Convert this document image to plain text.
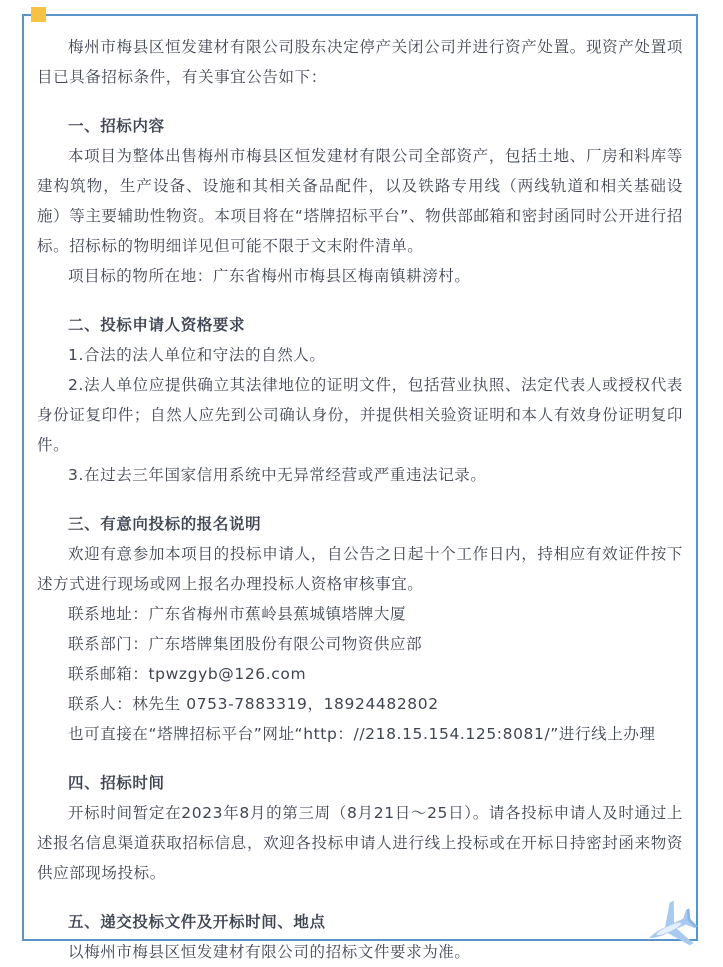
梅州市梅县区恒发建材有限公司股东决定停产关闭公司并进行资产处置。现资产处置项目已具备招标条件，有关事宜公告如下：

一、招标内容

本项目为整体出售梅州市梅县区恒发建材有限公司全部资产，包括土地、厂房和料库等建构筑物，生产设备、设施和其相关备品配件，以及铁路专用线（两线轨道和相关基础设施）等主要辅助性物资。本项目将在“塔牌招标平台”、物供部邮箱和密封函同时公开进行招标。招标标的物明细详见但可能不限于文末附件清单。

项目标的物所在地：广东省梅州市梅县区梅南镇耕滂村。

二、投标申请人资格要求

1.合法的法人单位和守法的自然人。

2.法人单位应提供确立其法律地位的证明文件，包括营业执照、法定代表人或授权代表身份证复印件；自然人应先到公司确认身份，并提供相关验资证明和本人有效身份证明复印件。

3.在过去三年国家信用系统中无异常经营或严重违法记录。

三、有意向投标的报名说明

欢迎有意参加本项目的投标申请人，自公告之日起十个工作日内，持相应有效证件按下述方式进行现场或网上报名办理投标人资格审核事宜。

联系地址：广东省梅州市蕉岭县蕉城镇塔牌大厦

联系部门：广东塔牌集团股份有限公司物资供应部

联系邮箱：tpwzgyb@126.com

联系人：林先生 0753-7883319，18924482802

也可直接在“塔牌招标平台”网址“http：//218.15.154.125:8081/”进行线上办理

四、招标时间

开标时间暂定在2023年8月的第三周（8月21日～25日）。请各投标申请人及时通过上述报名信息渠道获取招标信息，欢迎各投标申请人进行线上投标或在开标日持密封函来物资供应部现场投标。

五、递交投标文件及开标时间、地点

以梅州市梅县区恒发建材有限公司的招标文件要求为准。
